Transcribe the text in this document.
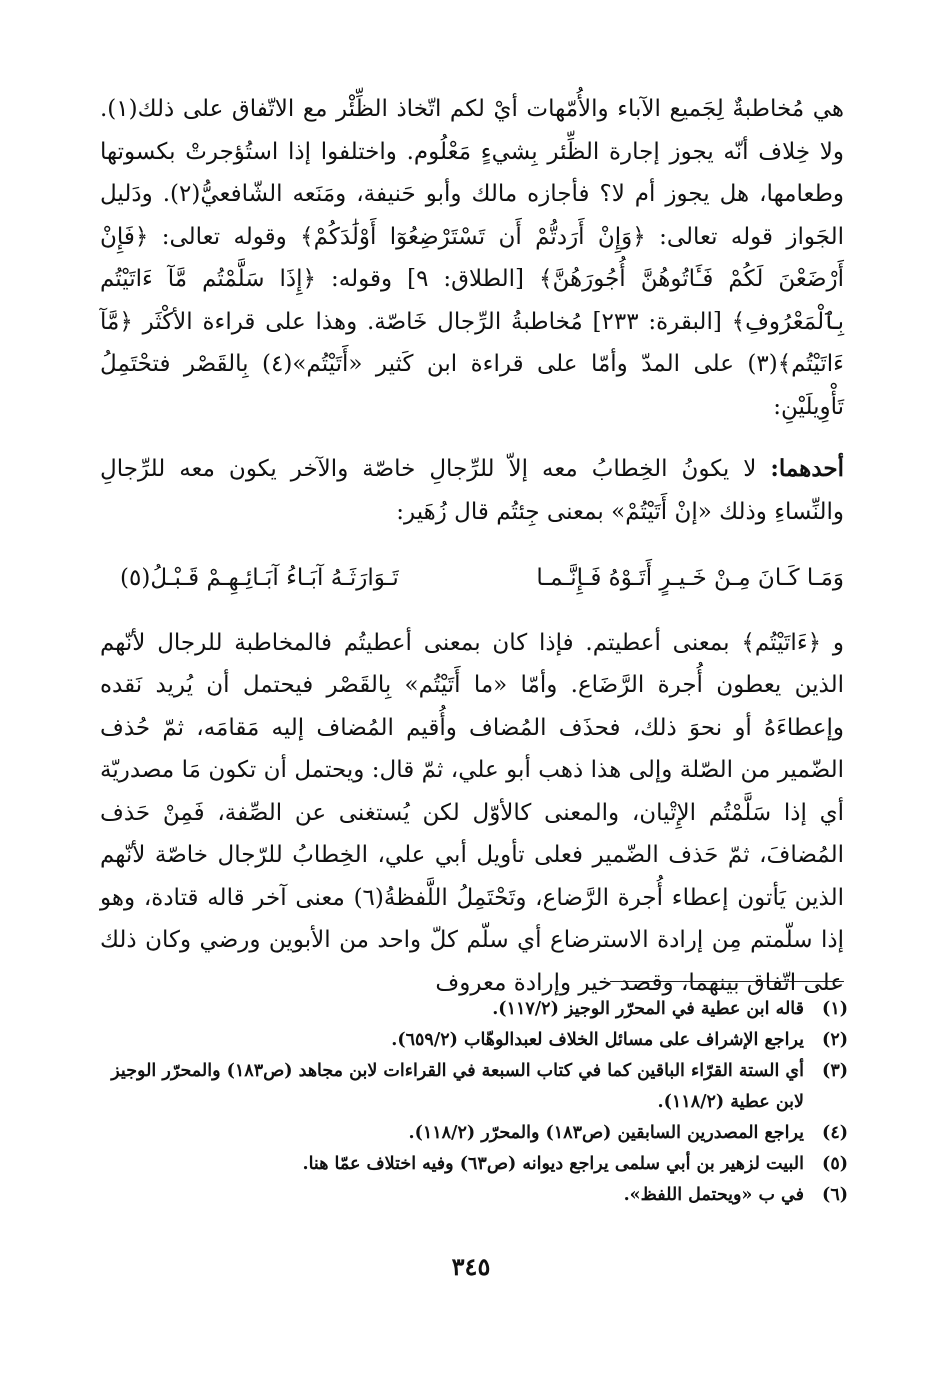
هي مُخاطبةٌ لِجَميع الآباء والأُمّهات أيْ لكم اتّخاذ الظِّئْر مع الاتّفاق على ذلك(١). ولا خِلاف أنّه يجوز إجارة الظِّئر بِشيءٍ مَعْلُوم. واختلفوا إذا استُؤجرتْ بكسوتها وطعامها، هل يجوز أم لا؟ فأجازه مالك وأبو حَنيفة، ومَنَعه الشّافعيُّ(٢). ودَليل الجَواز قوله تعالى: ﴿وَإِنْ أَرَدتُّمْ أَن تَسْتَرْضِعُوٓا أَوْلَٰدَكُمْ﴾ وقوله تعالى: ﴿فَإِنْ أَرْضَعْنَ لَكُمْ فَـَٔاتُوهُنَّ أُجُورَهُنَّ﴾ [الطلاق: ٩] وقوله: ﴿إِذَا سَلَّمْتُم مَّآ ءَاتَيْتُم بِٱلْمَعْرُوفِ﴾ [البقرة: ٢٣٣] مُخاطبةُ الرِّجال خَاصّة. وهذا على قراءة الأكْثَر ﴿مَّآ ءَاتَيْتُم﴾(٣) على المدّ وأمّا على قراءة ابن كَثير «أَتَيْتُم»(٤) بِالقَصْر فتحْتَمِلُ تَأْوِيلَيْنِ:

أحدهما: لا يكونُ الخِطابُ معه إلاّ للرِّجالِ خاصّة والآخر يكون معه للرِّجالِ والنِّساءِ وذلك «إنْ أَتَيْتُمْ» بمعنى جِئتُم قال زُهَير:

وَمَـا كَـانَ مِـنْ خَـيـرٍ أَتَـوْهُ فَـإِنَّـمـا
تَـوَارَثَـهُ آبَـاءُ آبَـائِـهِـمْ قَـبْـلُ(٥)

و ﴿ءَاتَيْتُم﴾ بمعنى أعطيتم. فإذا كان بمعنى أعطيتُم فالمخاطبة للرجال لأنّهم الذين يعطون أُجرة الرَّضَاع. وأمّا «ما أَتَيْتُم» بِالقَصْر فيحتمل أن يُريد نَقده وإعطاءَهُ أو نحوَ ذلك، فحذَف المُضاف وأُقيم المُضاف إليه مَقامَه، ثمّ حُذف الضّمير من الصّلة وإلى هذا ذهب أبو علي، ثمّ قال: ويحتمل أن تكون مَا مصدريّة أي إذا سَلَّمْتُم الإِتْيان، والمعنى كالأوّل لكن يُستغنى عن الصِّفة، فَمِنْ حَذف المُضافَ، ثمّ حَذف الضّمير فعلى تأويل أبي علي، الخِطابُ للرّجال خاصّة لأنّهم الذين يَأتون إعطاء أُجرة الرَّضاع، وتَحْتَمِلُ اللَّفظةُ(٦) معنى آخر قاله قتادة، وهو إذا سلّمتم مِن إرادة الاسترضاع أي سلّم كلّ واحد من الأبوين ورضي وكان ذلك على اتّفاق بينهما، وقصد خير وإرادة معروف

(١)
قاله ابن عطية في المحرّر الوجيز (١١٧/٢).
(٢)
يراجع الإشراف على مسائل الخلاف لعبدالوهّاب (٦٥٩/٢).
(٣)
أي الستة القرّاء الباقين كما في كتاب السبعة في القراءات لابن مجاهد (ص١٨٣) والمحرّر الوجيز لابن عطية (١١٨/٢).
(٤)
يراجع المصدرين السابقين (ص١٨٣) والمحرّر (١١٨/٢).
(٥)
البيت لزهير بن أبي سلمى يراجع ديوانه (ص٦٣) وفيه اختلاف عمّا هنا.
(٦)
في ب «ويحتمل اللفظ».
٣٤٥
